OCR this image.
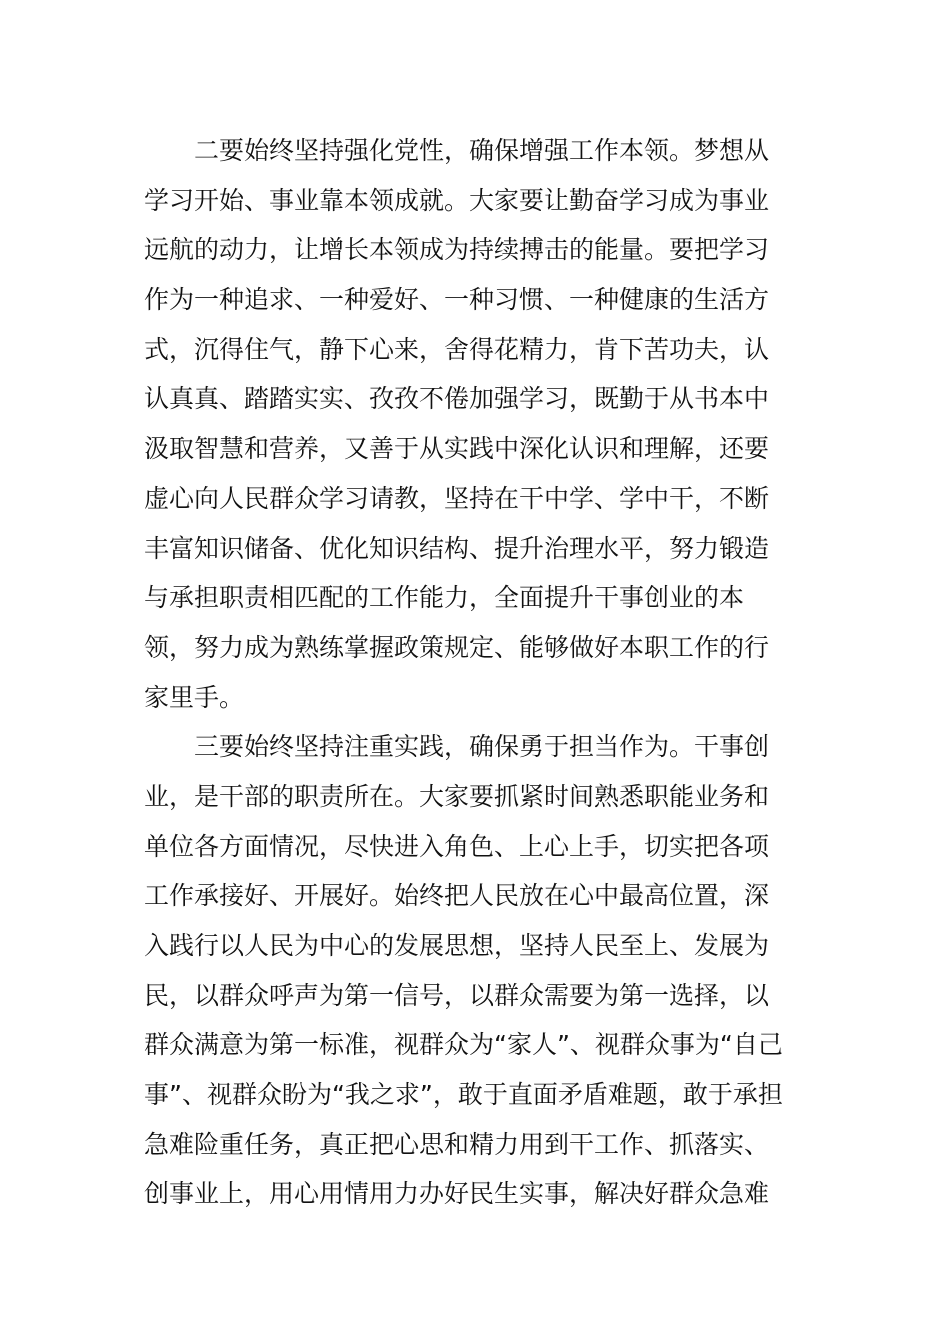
二要始终坚持强化党性，确保增强工作本领。梦想从
学习开始、事业靠本领成就。大家要让勤奋学习成为事业
远航的动力，让增长本领成为持续搏击的能量。要把学习
作为一种追求、一种爱好、一种习惯、一种健康的生活方
式，沉得住气，静下心来，舍得花精力，肯下苦功夫，认
认真真、踏踏实实、孜孜不倦加强学习，既勤于从书本中
汲取智慧和营养，又善于从实践中深化认识和理解，还要
虚心向人民群众学习请教，坚持在干中学、学中干，不断
丰富知识储备、优化知识结构、提升治理水平，努力锻造
与承担职责相匹配的工作能力，全面提升干事创业的本
领，努力成为熟练掌握政策规定、能够做好本职工作的行
家里手。
三要始终坚持注重实践，确保勇于担当作为。干事创
业，是干部的职责所在。大家要抓紧时间熟悉职能业务和
单位各方面情况，尽快进入角色、上心上手，切实把各项
工作承接好、开展好。始终把人民放在心中最高位置，深
入践行以人民为中心的发展思想，坚持人民至上、发展为
民，以群众呼声为第一信号，以群众需要为第一选择，以
群众满意为第一标准，视群众为“家人”、视群众事为“自己
事”、视群众盼为“我之求”，敢于直面矛盾难题，敢于承担
急难险重任务，真正把心思和精力用到干工作、抓落实、
创事业上，用心用情用力办好民生实事，解决好群众急难
